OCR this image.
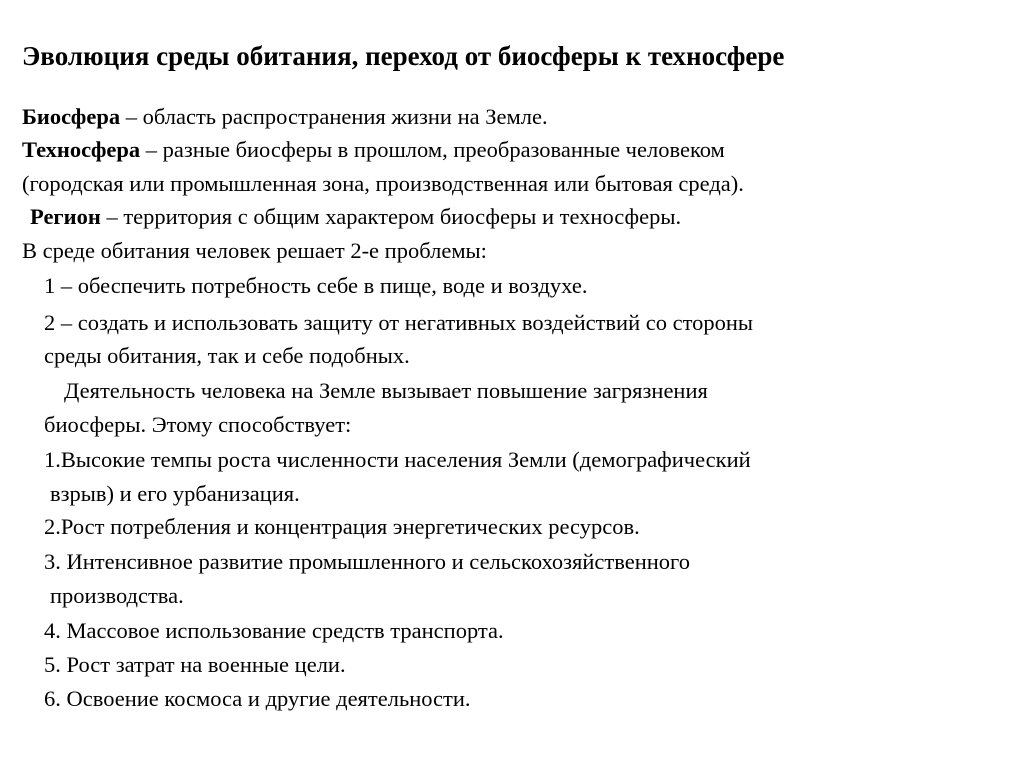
Эволюция среды обитания, переход от биосферы к техносфере
Биосфера – область распространения жизни на Земле.
Техносфера – разные биосферы в прошлом, преобразованные человеком
(городская или промышленная зона, производственная или бытовая среда).
Регион – территория с общим характером биосферы и техносферы.
В среде обитания человек решает 2-е проблемы:
1 – обеспечить потребность себе в пище, воде и воздухе.
2 – создать и использовать защиту от негативных воздействий со стороны
среды обитания, так и себе подобных.
Деятельность человека на Земле вызывает повышение загрязнения
биосферы. Этому способствует:
1.Высокие темпы роста численности населения Земли (демографический
взрыв) и его урбанизация.
2.Рост потребления и концентрация энергетических ресурсов.
3. Интенсивное развитие промышленного и сельскохозяйственного
производства.
4. Массовое использование средств транспорта.
5. Рост затрат на военные цели.
6. Освоение космоса и другие деятельности.
